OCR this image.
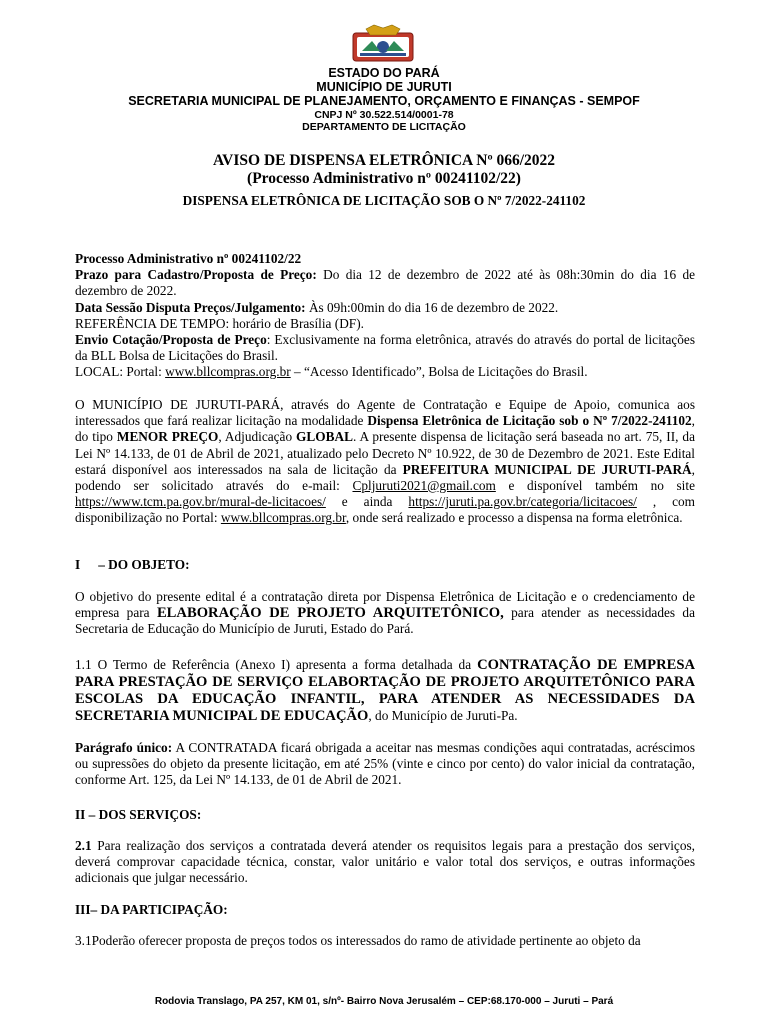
ESTADO DO PARÁ
MUNICÍPIO DE JURUTI
SECRETARIA MUNICIPAL DE PLANEJAMENTO, ORÇAMENTO E FINANÇAS - SEMPOF
CNPJ Nº 30.522.514/0001-78
DEPARTAMENTO DE LICITAÇÃO
AVISO DE DISPENSA ELETRÔNICA Nº 066/2022
(Processo Administrativo nº 00241102/22)
DISPENSA ELETRÔNICA DE LICITAÇÃO SOB O Nº 7/2022-241102

Processo Administrativo nº 00241102/22

Prazo para Cadastro/Proposta de Preço: Do dia 12 de dezembro de 2022 até às 08h:30min do dia 16 de dezembro de 2022.

Data Sessão Disputa Preços/Julgamento: Às 09h:00min do dia 16 de dezembro de 2022.

REFERÊNCIA DE TEMPO: horário de Brasília (DF).

Envio Cotação/Proposta de Preço: Exclusivamente na forma eletrônica, através do através do portal de licitações da BLL Bolsa de Licitações do Brasil.

LOCAL: Portal: www.bllcompras.org.br – “Acesso Identificado”, Bolsa de Licitações do Brasil.

O MUNICÍPIO DE JURUTI-PARÁ, através do Agente de Contratação e Equipe de Apoio, comunica aos interessados que fará realizar licitação na modalidade Dispensa Eletrônica de Licitação sob o Nº 7/2022-241102, do tipo MENOR PREÇO, Adjudicação GLOBAL. A presente dispensa de licitação será baseada no art. 75, II, da Lei Nº 14.133, de 01 de Abril de 2021, atualizado pelo Decreto Nº 10.922, de 30 de Dezembro de 2021. Este Edital estará disponível aos interessados na sala de licitação da PREFEITURA MUNICIPAL DE JURUTI-PARÁ, podendo ser solicitado através do e-mail: Cpljuruti2021@gmail.com e disponível também no site https://www.tcm.pa.gov.br/mural-de-licitacoes/ e ainda https://juruti.pa.gov.br/categoria/licitacoes/ , com disponibilização no Portal: www.bllcompras.org.br, onde será realizado e processo a dispensa na forma eletrônica.
I – DO OBJETO:
O objetivo do presente edital é a contratação direta por Dispensa Eletrônica de Licitação e o credenciamento de empresa para ELABORAÇÃO DE PROJETO ARQUITETÔNICO, para atender as necessidades da Secretaria de Educação do Município de Juruti, Estado do Pará.
1.1 O Termo de Referência (Anexo I) apresenta a forma detalhada da CONTRATAÇÃO DE EMPRESA PARA PRESTAÇÃO DE SERVIÇO ELABORTAÇÃO DE PROJETO ARQUITETÔNICO PARA ESCOLAS DA EDUCAÇÃO INFANTIL, PARA ATENDER AS NECESSIDADES DA SECRETARIA MUNICIPAL DE EDUCAÇÃO, do Município de Juruti-Pa.
Parágrafo único: A CONTRATADA ficará obrigada a aceitar nas mesmas condições aqui contratadas, acréscimos ou supressões do objeto da presente licitação, em até 25% (vinte e cinco por cento) do valor inicial da contratação, conforme Art. 125, da Lei Nº 14.133, de 01 de Abril de 2021.
II – DOS SERVIÇOS:
2.1 Para realização dos serviços a contratada deverá atender os requisitos legais para a prestação dos serviços, deverá comprovar capacidade técnica, constar, valor unitário e valor total dos serviços, e outras informações adicionais que julgar necessário.
III– DA PARTICIPAÇÃO:
3.1Poderão oferecer proposta de preços todos os interessados do ramo de atividade pertinente ao objeto da
Rodovia Translago, PA 257, KM 01, s/nº- Bairro Nova Jerusalém – CEP:68.170-000 – Juruti – Pará
